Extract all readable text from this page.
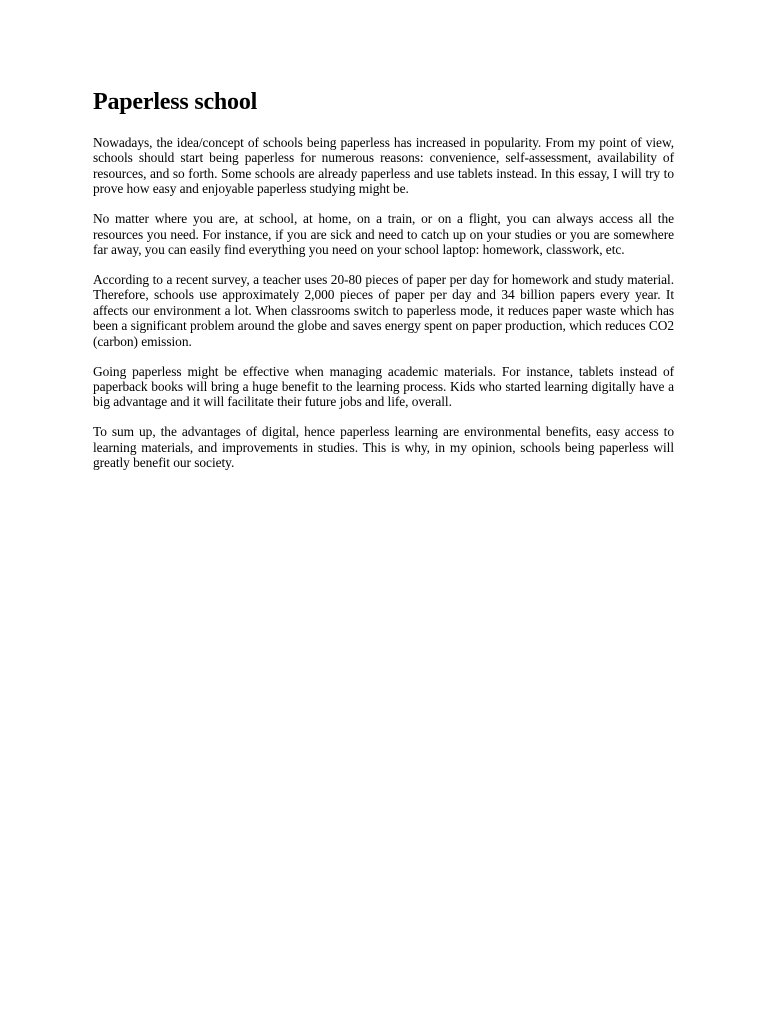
Paperless school

Nowadays, the idea/concept of schools being paperless has increased in popularity. From my point of view, schools should start being paperless for numerous reasons: convenience, self-assessment, availability of resources, and so forth. Some schools are already paperless and use tablets instead. In this essay, I will try to prove how easy and enjoyable paperless studying might be.

No matter where you are, at school, at home, on a train, or on a flight, you can always access all the resources you need. For instance, if you are sick and need to catch up on your studies or you are somewhere far away, you can easily find everything you need on your school laptop: homework, classwork, etc.

According to a recent survey, a teacher uses 20-80 pieces of paper per day for homework and study material. Therefore, schools use approximately 2,000 pieces of paper per day and 34 billion papers every year. It affects our environment a lot. When classrooms switch to paperless mode, it reduces paper waste which has been a significant problem around the globe and saves energy spent on paper production, which reduces CO2 (carbon) emission.

Going paperless might be effective when managing academic materials. For instance, tablets instead of paperback books will bring a huge benefit to the learning process. Kids who started learning digitally have a big advantage and it will facilitate their future jobs and life, overall.

To sum up, the advantages of digital, hence paperless learning are environmental benefits, easy access to learning materials, and improvements in studies. This is why, in my opinion, schools being paperless will greatly benefit our society.
